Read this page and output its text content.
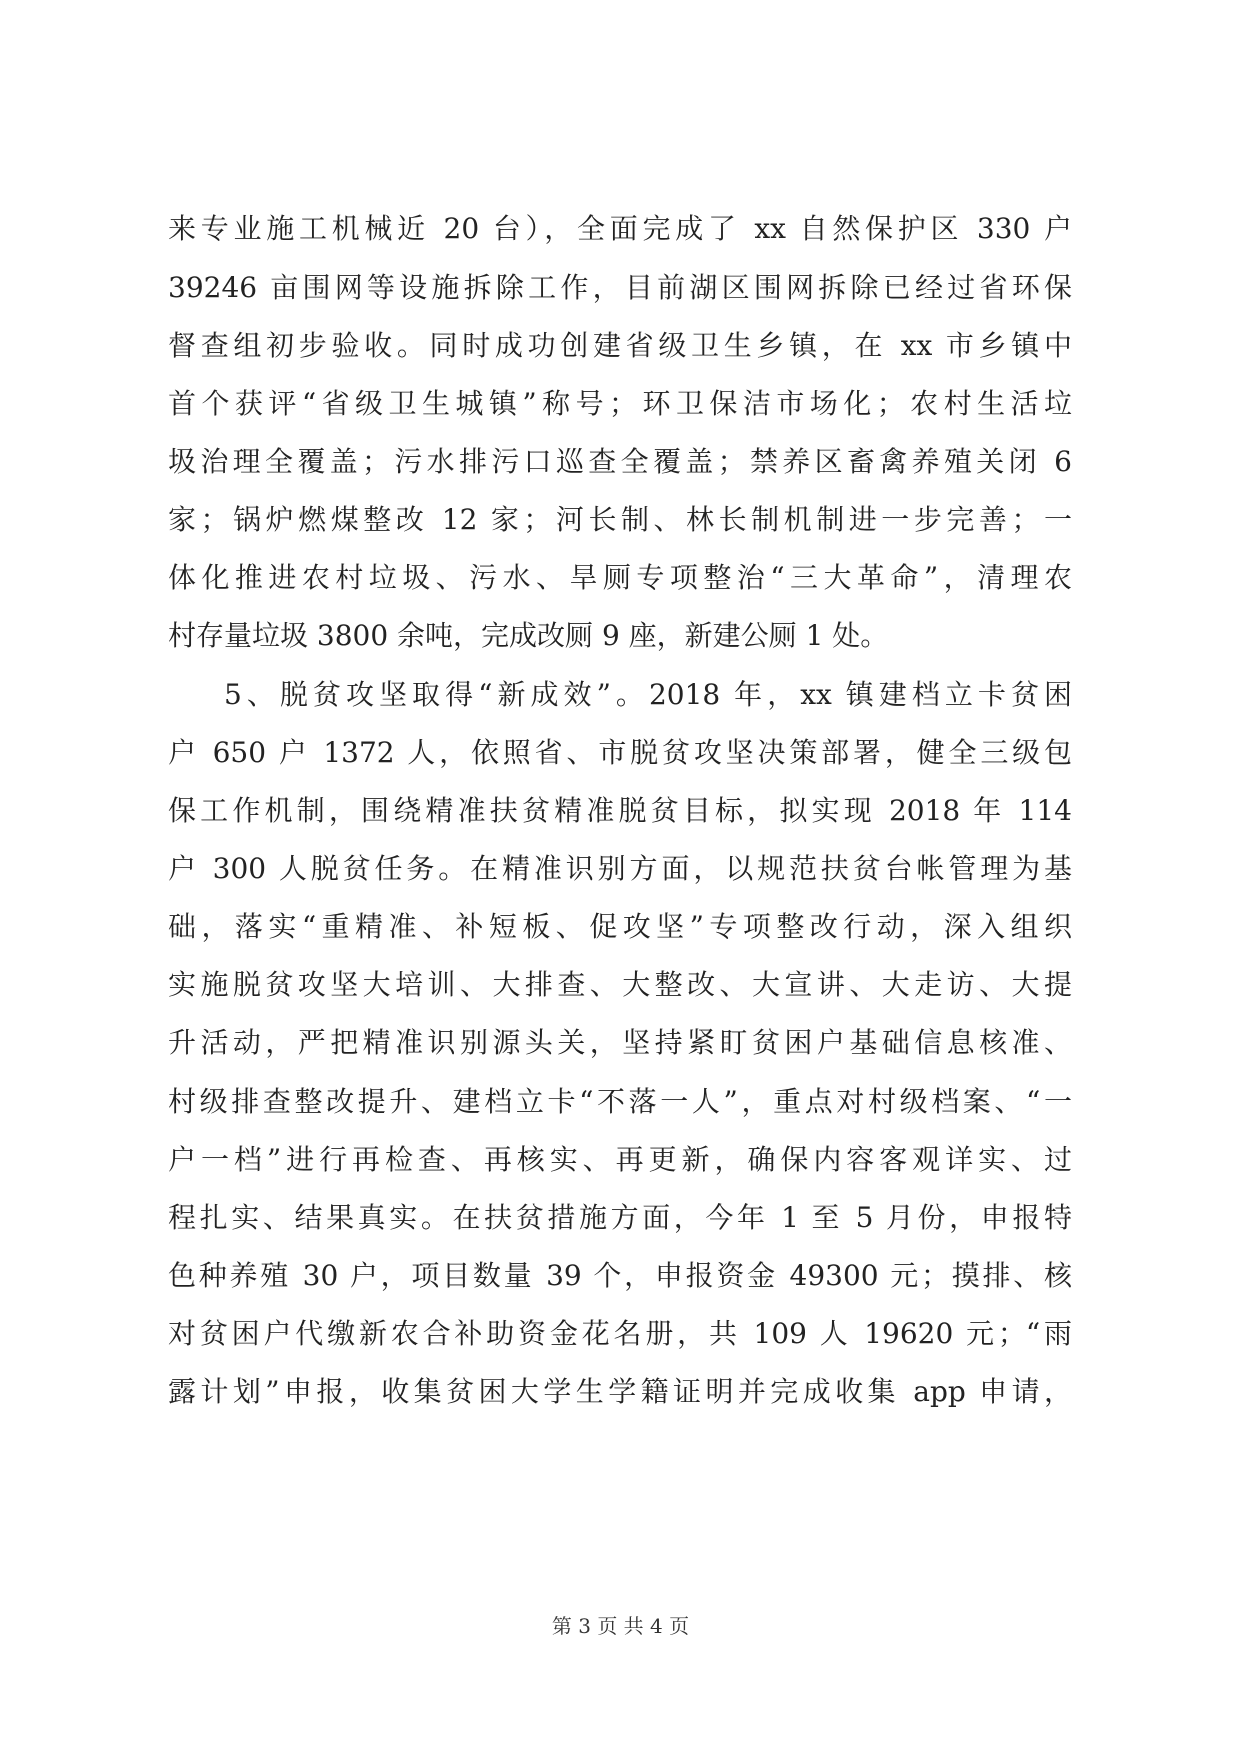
来专业施工机械近 20 台），全面完成了 xx 自然保护区 330 户
39246 亩围网等设施拆除工作，目前湖区围网拆除已经过省环保
督查组初步验收。同时成功创建省级卫生乡镇，在 xx 市乡镇中
首个获评“省级卫生城镇”称号；环卫保洁市场化；农村生活垃
圾治理全覆盖；污水排污口巡查全覆盖；禁养区畜禽养殖关闭 6
家；锅炉燃煤整改 12 家；河长制、林长制机制进一步完善；一
体化推进农村垃圾、污水、旱厕专项整治“三大革命”，清理农
村存量垃圾 3800 余吨，完成改厕 9 座，新建公厕 1 处。
5、脱贫攻坚取得“新成效”。2018 年，xx 镇建档立卡贫困
户 650 户 1372 人，依照省、市脱贫攻坚决策部署，健全三级包
保工作机制，围绕精准扶贫精准脱贫目标，拟实现 2018 年 114
户 300 人脱贫任务。在精准识别方面，以规范扶贫台帐管理为基
础，落实“重精准、补短板、促攻坚”专项整改行动，深入组织
实施脱贫攻坚大培训、大排查、大整改、大宣讲、大走访、大提
升活动，严把精准识别源头关，坚持紧盯贫困户基础信息核准、
村级排查整改提升、建档立卡“不落一人”，重点对村级档案、“一
户一档”进行再检查、再核实、再更新，确保内容客观详实、过
程扎实、结果真实。在扶贫措施方面，今年 1 至 5 月份，申报特
色种养殖 30 户，项目数量 39 个，申报资金 49300 元；摸排、核
对贫困户代缴新农合补助资金花名册，共 109 人 19620 元；“雨
露计划”申报，收集贫困大学生学籍证明并完成收集 app 申请，
第 3 页 共 4 页
